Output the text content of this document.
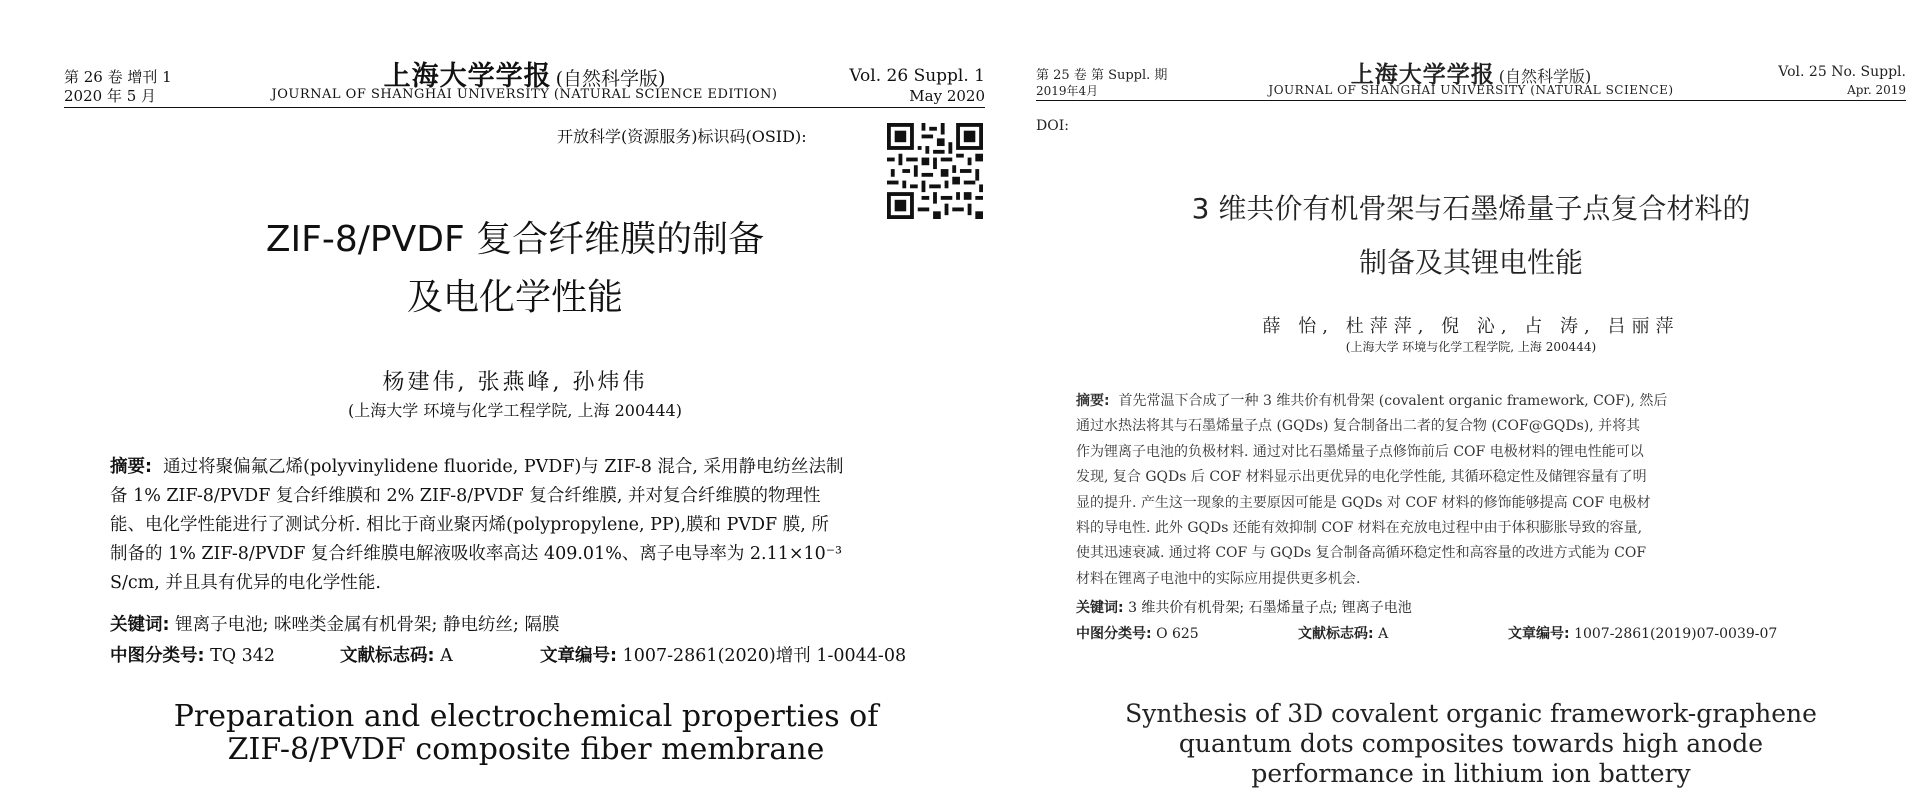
第 26 卷 增刊 1
2020 年 5 月
上海大学学报 (自然科学版)
JOURNAL OF SHANGHAI UNIVERSITY (NATURAL SCIENCE EDITION)
Vol. 26 Suppl. 1
May 2020
开放科学(资源服务)标识码(OSID):
ZIF-8/PVDF 复合纤维膜的制备
及电化学性能
杨建伟, 张燕峰, 孙炜伟
(上海大学 环境与化学工程学院, 上海 200444)
摘要: 通过将聚偏氟乙烯(polyvinylidene fluoride, PVDF)与 ZIF-8 混合, 采用静电纺丝法制
备 1% ZIF-8/PVDF 复合纤维膜和 2% ZIF-8/PVDF 复合纤维膜, 并对复合纤维膜的物理性
能、电化学性能进行了测试分析. 相比于商业聚丙烯(polypropylene, PP),膜和 PVDF 膜, 所
制备的 1% ZIF-8/PVDF 复合纤维膜电解液吸收率高达 409.01%、离子电导率为 2.11×10⁻³
S/cm, 并且具有优异的电化学性能.
关键词: 锂离子电池; 咪唑类金属有机骨架; 静电纺丝; 隔膜
中图分类号: TQ 342	文献标志码: A	文章编号: 1007-2861(2020)增刊 1-0044-08
Preparation and electrochemical properties of
ZIF-8/PVDF composite fiber membrane
第 25 卷 第 Suppl. 期
2019年4月
上海大学学报 (自然科学版)
JOURNAL OF SHANGHAI UNIVERSITY (NATURAL SCIENCE)
Vol. 25 No. Suppl.
Apr. 2019
DOI:
3 维共价有机骨架与石墨烯量子点复合材料的
制备及其锂电性能
薛 怡, 杜萍萍, 倪 沁, 占 涛, 吕丽萍
(上海大学 环境与化学工程学院, 上海 200444)
摘要: 首先常温下合成了一种 3 维共价有机骨架 (covalent organic framework, COF), 然后
通过水热法将其与石墨烯量子点 (GQDs) 复合制备出二者的复合物 (COF@GQDs), 并将其
作为锂离子电池的负极材料. 通过对比石墨烯量子点修饰前后 COF 电极材料的锂电性能可以
发现, 复合 GQDs 后 COF 材料显示出更优异的电化学性能, 其循环稳定性及储锂容量有了明
显的提升. 产生这一现象的主要原因可能是 GQDs 对 COF 材料的修饰能够提高 COF 电极材
料的导电性. 此外 GQDs 还能有效抑制 COF 材料在充放电过程中由于体积膨胀导致的容量,
使其迅速衰减. 通过将 COF 与 GQDs 复合制备高循环稳定性和高容量的改进方式能为 COF
材料在锂离子电池中的实际应用提供更多机会.
关键词: 3 维共价有机骨架; 石墨烯量子点; 锂离子电池
中图分类号: O 625	文献标志码: A	文章编号: 1007-2861(2019)07-0039-07
Synthesis of 3D covalent organic framework-graphene
quantum dots composites towards high anode
performance in lithium ion battery
